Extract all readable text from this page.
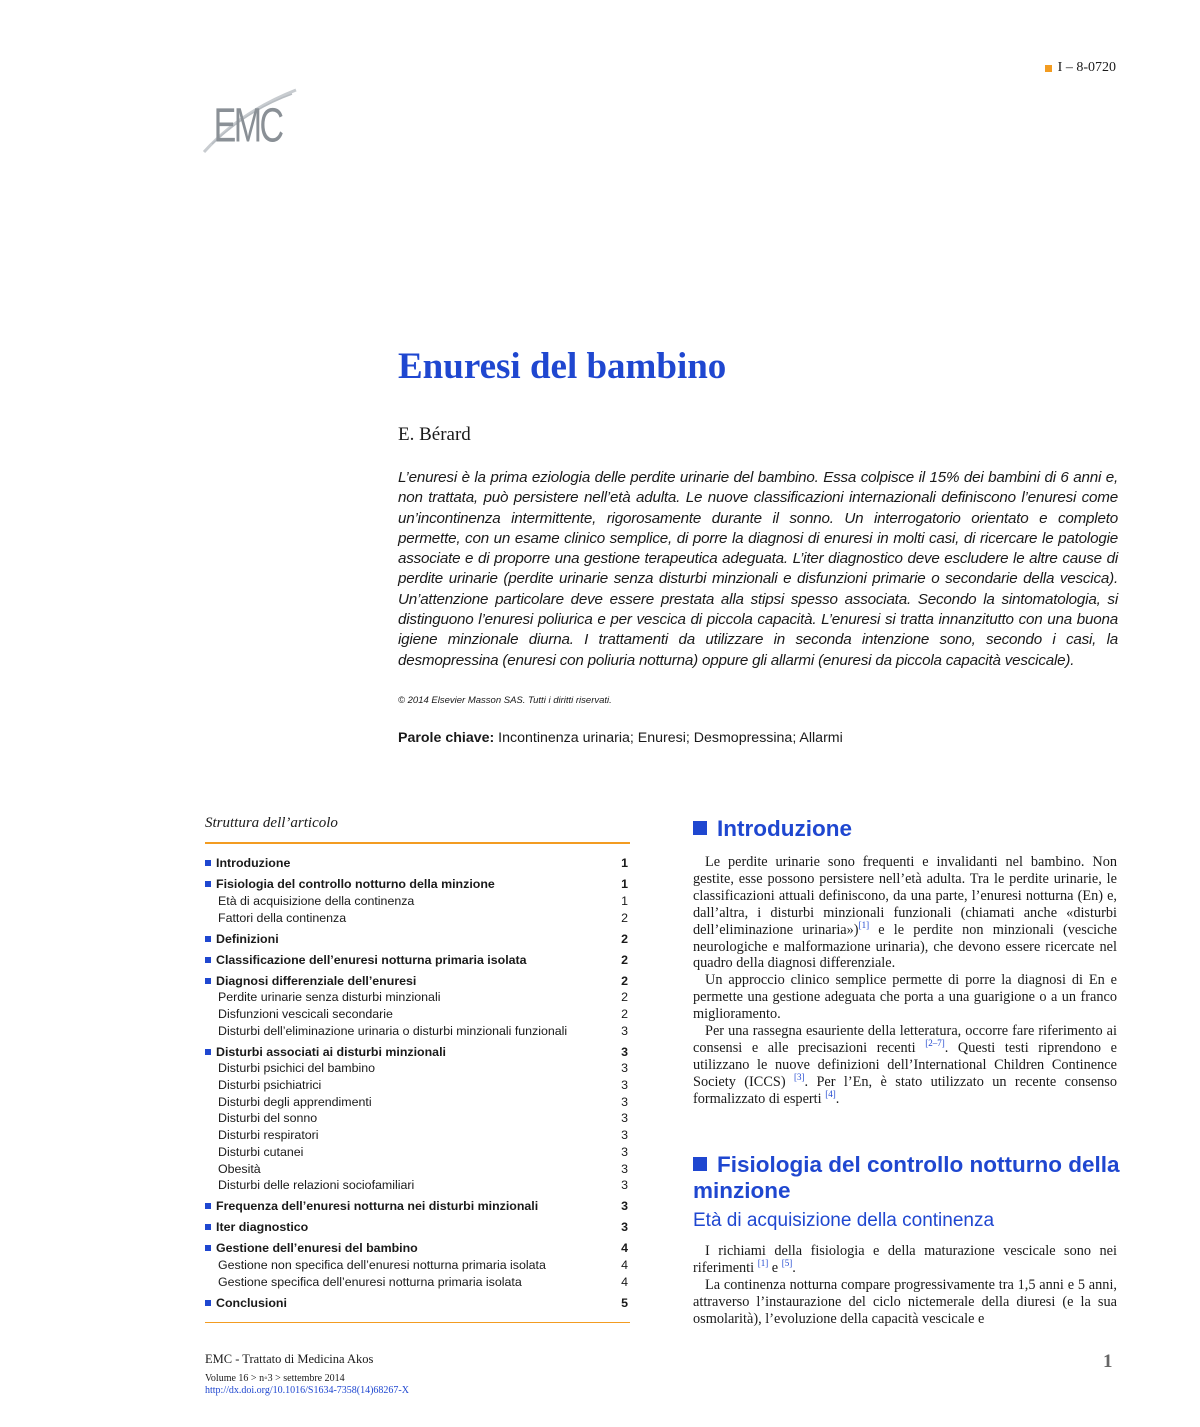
EMC
I – 8-0720
Enuresi del bambino
E. Bérard

L’enuresi è la prima eziologia delle perdite urinarie del bambino. Essa colpisce il 15% dei bambini di 6 anni e, non trattata, può persistere nell’età adulta. Le nuove classificazioni internazionali definiscono l’enuresi come un’incontinenza intermittente, rigorosamente durante il sonno. Un interrogatorio orientato e completo permette, con un esame clinico semplice, di porre la diagnosi di enuresi in molti casi, di ricercare le patologie associate e di proporre una gestione terapeutica adeguata. L’iter diagnostico deve escludere le altre cause di perdite urinarie (perdite urinarie senza disturbi minzionali e disfunzioni primarie o secondarie della vescica). Un’attenzione particolare deve essere prestata alla stipsi spesso associata. Secondo la sintomatologia, si distinguono l’enuresi poliurica e per vescica di piccola capacità. L’enuresi si tratta innanzitutto con una buona igiene minzionale diurna. I trattamenti da utilizzare in seconda intenzione sono, secondo i casi, la desmopressina (enuresi con poliuria notturna) oppure gli allarmi (enuresi da piccola capacità vescicale).

© 2014 Elsevier Masson SAS. Tutti i diritti riservati.
Parole chiave: Incontinenza urinaria; Enuresi; Desmopressina; Allarmi
Struttura dell’articolo
Introduzione	1
Fisiologia del controllo notturno della minzione	1
Età di acquisizione della continenza	1
Fattori della continenza	2
Definizioni	2
Classificazione dell’enuresi notturna primaria isolata	2
Diagnosi differenziale dell’enuresi	2
Perdite urinarie senza disturbi minzionali	2
Disfunzioni vescicali secondarie	2
Disturbi dell’eliminazione urinaria o disturbi minzionali funzionali	3
Disturbi associati ai disturbi minzionali	3
Disturbi psichici del bambino	3
Disturbi psichiatrici	3
Disturbi degli apprendimenti	3
Disturbi del sonno	3
Disturbi respiratori	3
Disturbi cutanei	3
Obesità	3
Disturbi delle relazioni sociofamiliari	3
Frequenza dell’enuresi notturna nei disturbi minzionali	3
Iter diagnostico	3
Gestione dell’enuresi del bambino	4
Gestione non specifica dell’enuresi notturna primaria isolata	4
Gestione specifica dell’enuresi notturna primaria isolata	4
Conclusioni	5
Introduzione

Le perdite urinarie sono frequenti e invalidanti nel bambino. Non gestite, esse possono persistere nell’età adulta. Tra le perdite urinarie, le classificazioni attuali definiscono, da una parte, l’enuresi notturna (En) e, dall’altra, i disturbi minzionali funzionali (chiamati anche «disturbi dell’eliminazione urinaria»)[1] e le perdite non minzionali (vesciche neurologiche e malformazione urinaria), che devono essere ricercate nel quadro della diagnosi differenziale.

Un approccio clinico semplice permette di porre la diagnosi di En e permette una gestione adeguata che porta a una guarigione o a un franco miglioramento.

Per una rassegna esauriente della letteratura, occorre fare riferimento ai consensi e alle precisazioni recenti [2–7]. Questi testi riprendono e utilizzano le nuove definizioni dell’International Children Continence Society (ICCS) [3]. Per l’En, è stato utilizzato un recente consenso formalizzato di esperti [4].

Fisiologia del controllo notturno della minzione
Età di acquisizione della continenza

I richiami della fisiologia e della maturazione vescicale sono nei riferimenti [1] e [5].

La continenza notturna compare progressivamente tra 1,5 anni e 5 anni, attraverso l’instaurazione del ciclo nictemerale della diuresi (e la sua osmolarità), l’evoluzione della capacità vescicale e

EMC - Trattato di Medicina Akos
Volume 16 > n◦3 > settembre 2014
http://dx.doi.org/10.1016/S1634-7358(14)68267-X
1
